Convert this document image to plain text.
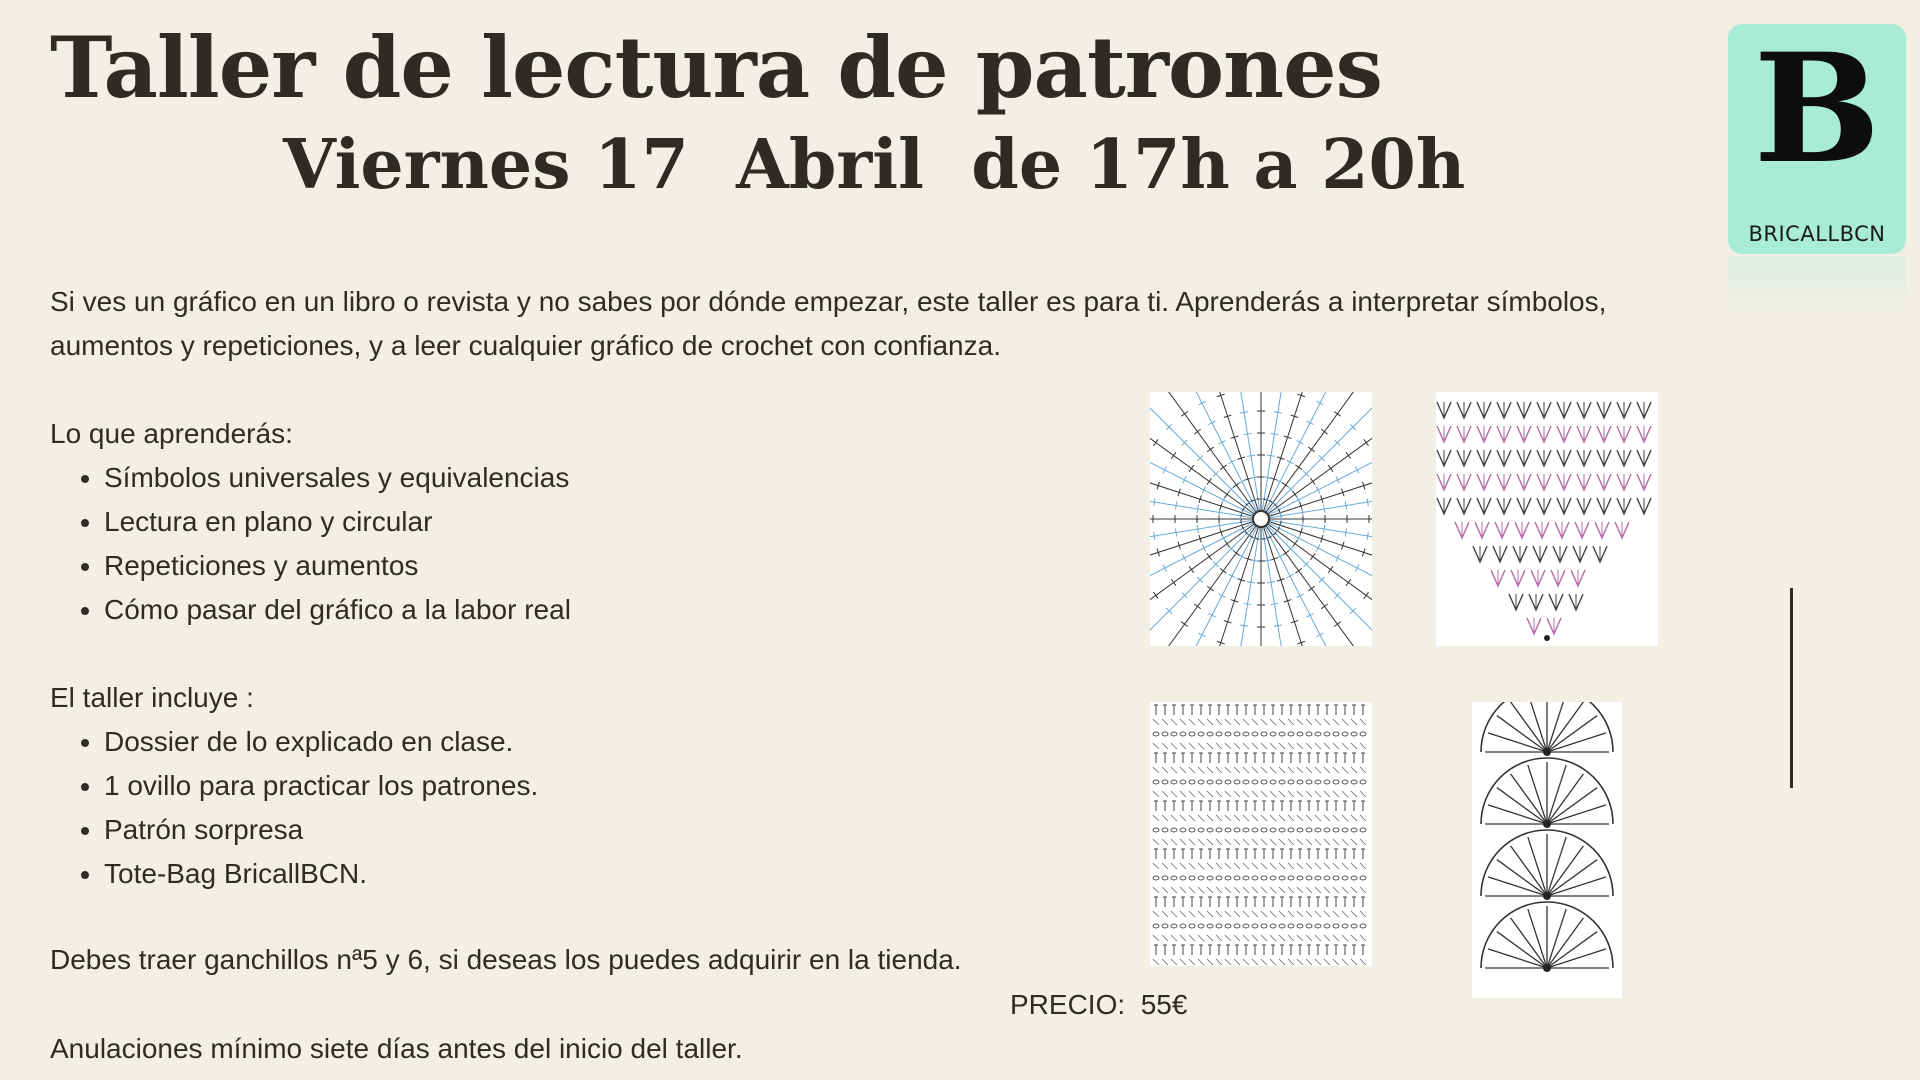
Taller de lectura de patrones
Viernes 17  Abril  de 17h a 20h

Si ves un gráfico en un libro o revista y no sabes por dónde empezar, este taller es para ti. Aprenderás a interpretar símbolos, aumentos y repeticiones, y a leer cualquier gráfico de crochet con confianza.

Lo que aprenderás:

• Símbolos universales y equivalencias
• Lectura en plano y circular
• Repeticiones y aumentos
• Cómo pasar del gráfico a la labor real

El taller incluye :

• Dossier de lo explicado en clase.
• 1 ovillo para practicar los patrones.
• Patrón sorpresa
• Tote-Bag BricallBCN.

Debes traer ganchillos nª5 y 6, si deseas los puedes adquirir en la tienda.

PRECIO:  55€

Anulaciones mínimo siete días antes del inicio del taller.

B
BRICALLBCN
